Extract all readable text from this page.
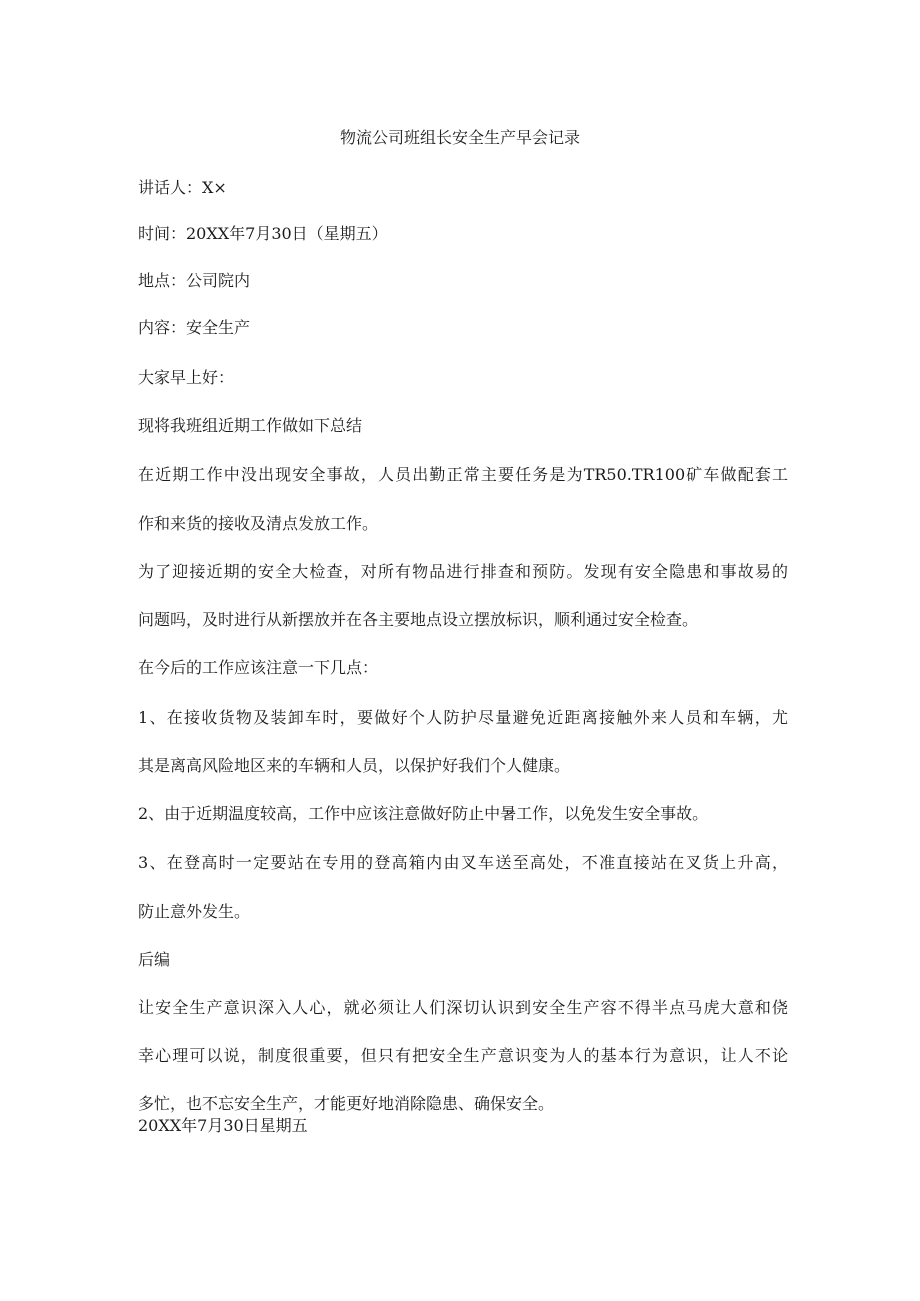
物流公司班组长安全生产早会记录

讲话人：X×

时间：20XX年7月30日（星期五）

地点：公司院内

内容：安全生产

大家早上好：

现将我班组近期工作做如下总结

在近期工作中没出现安全事故，人员出勤正常主要任务是为TR50.TR100矿车做配套工

作和来货的接收及清点发放工作。

为了迎接近期的安全大检查，对所有物品进行排查和预防。发现有安全隐患和事故易的

问题吗，及时进行从新摆放并在各主要地点设立摆放标识，顺利通过安全检查。

在今后的工作应该注意一下几点：

1、在接收货物及装卸车时，要做好个人防护尽量避免近距离接触外来人员和车辆，尤

其是离高风险地区来的车辆和人员，以保护好我们个人健康。

2、由于近期温度较高，工作中应该注意做好防止中暑工作，以免发生安全事故。

3、在登高时一定要站在专用的登高箱内由叉车送至高处，不准直接站在叉货上升高，

防止意外发生。

后编

让安全生产意识深入人心，就必须让人们深切认识到安全生产容不得半点马虎大意和侥

幸心理可以说，制度很重要，但只有把安全生产意识变为人的基本行为意识，让人不论

多忙，也不忘安全生产，才能更好地消除隐患、确保安全。

20XX年7月30日星期五
